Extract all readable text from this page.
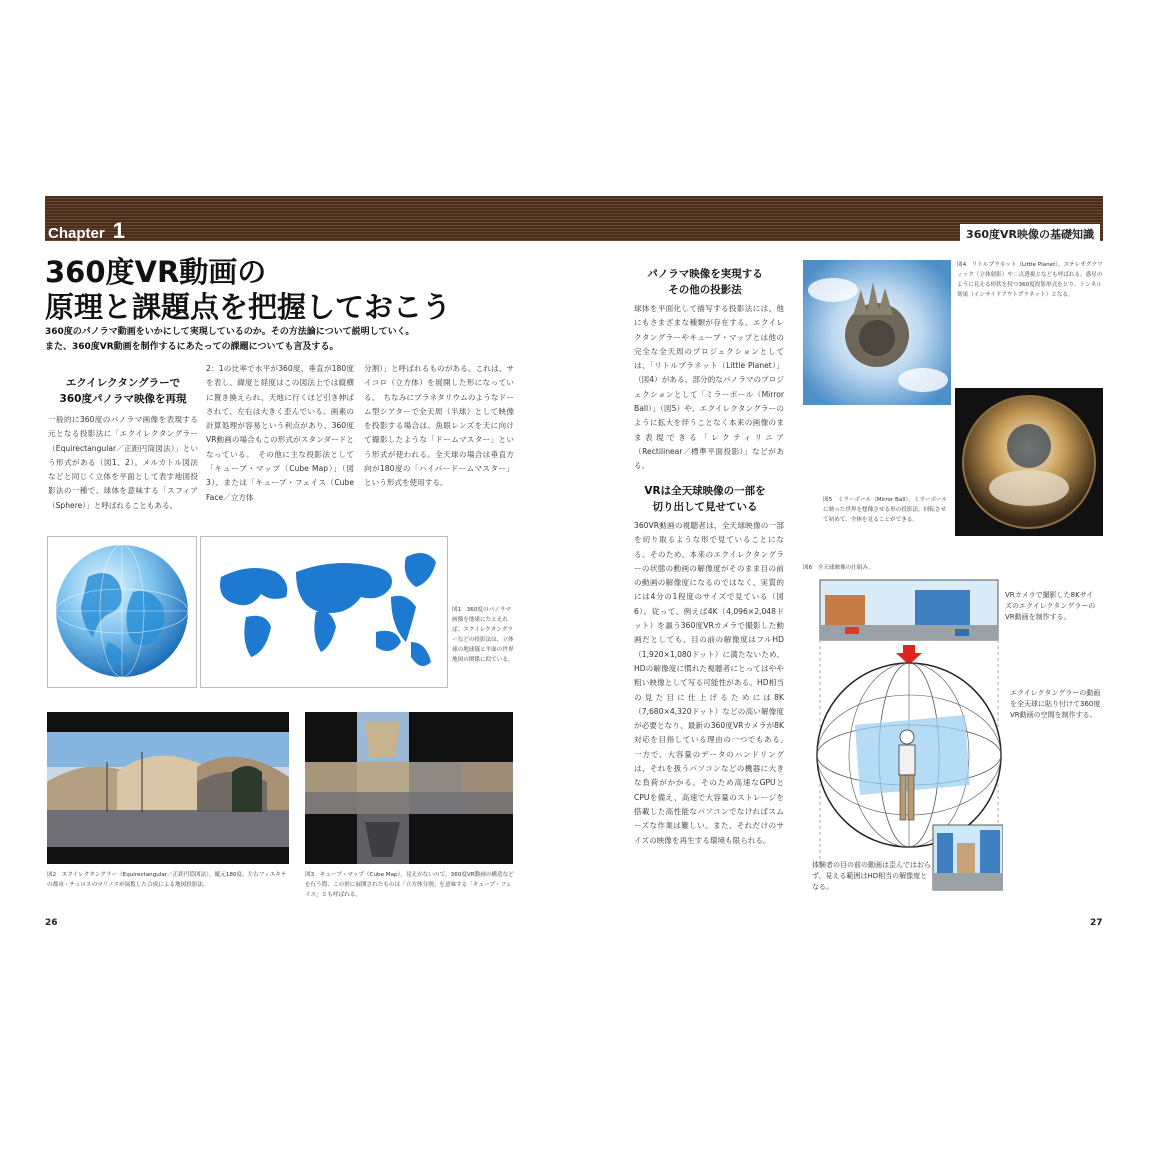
Chapter 1	360度VR映像の基礎知識
360度VR動画の
原理と課題点を把握しておこう
360度のパノラマ動画をいかにして実現しているのか。その方法論について説明していく。
また、360度VR動画を制作するにあたっての課題についても言及する。
エクイレクタングラーで
360度パノラマ映像を再現
一般的に360度のパノラマ画像を表現する元となる投影法に「エクイレクタングラー（Equirectangular／正距円筒図法）」という形式がある（図1、2）。メルカトル図法などと同じく立体を平面として表す地図投影法の一種で、球体を意味する「スフィア（Sphere）」と呼ばれることもある。
2：1の比率で水平が360度、垂直が180度を表し、緯度と経度はこの図法上では縦横に置き換えられ、天地に行くほど引き伸ばされて、左右は大きく歪んでいる。画素の計算処理が容易という利点があり、360度VR動画の場合もこの形式がスタンダードとなっている。　その他に主な投影法として「キューブ・マップ（Cube Map）」（図3）、または「キューブ・フェイス（Cube Face／立方体
分割）」と呼ばれるものがある。これは、サイコロ（立方体）を展開した形になっている。　ちなみにプラネタリウムのようなドーム型シアターで全天周（半球）として映像を投影する場合は、魚眼レンズを天に向けて撮影したような「ドームマスター」という形式が使われる。全天球の場合は垂直方向が180度の「ハイパードームマスター」という形式を使用する。
図1　360度のパノラマ画像を地球にたとえれば、エクイレクタングラーなどの投影法は、立体球の地球儀と平面の世界地図の関係に似ている。
図2　エクイレクタングラー（Equirectangular／正距円筒図法）。縦元180度、左右フィエキテの都市・チュロスのマリノスが展覧した合成による地図投影法。
図3　キューブ・マップ（Cube Map）。見えがないので、360度VR動画の構造などを行う際、この形に展開されたものは「立方体分割」を意味する「キューブ・フェイス」とも呼ばれる。
26
パノラマ映像を実現する
その他の投影法
球体を平面化して描写する投影法には、他にもさまざまな種類が存在する。エクイレクタングラーやキューブ・マップとは他の完全な全天周のプロジェクションとしては、「リトルプラネット（Little Planet）」（図4）がある。部分的なパノラマのプロジェクションとして「ミラーボール（Mirror Ball）」（図5）や、エクイレクタングラーのように拡大を伴うことなく本来の画像のまま表現できる「レクティリニア（Rectilinear／標準平面投影）」などがある。
VRは全天球映像の一部を
切り出して見せている
360VR動画の視聴者は、全天球映像の一部を切り取るような形で見ていることになる。そのため、本来のエクイレクタングラーの状態の動画の解像度がそのまま目の前の動画の解像度になるのではなく、実質的には4分の1程度のサイズで見ている（図6）。従って、例えば4K（4,096×2,048ドット）を謳う360度VRカメラで撮影した動画だとしても、目の前の解像度はフルHD（1,920×1,080ドット）に満たないため、HDの解像度に慣れた視聴者にとってはやや粗い映像として写る可能性がある。HD相当の見た目に仕上げるためには8K（7,680×4,320ドット）などの高い解像度が必要となり、最新の360度VRカメラが8K対応を目指している理由の一つでもある。　一方で、大容量のデータのハンドリングは、それを扱うパソコンなどの機器に大きな負荷がかかる。そのため高速なGPUとCPUを備え、高速で大容量のストレージを搭載した高性能なパソコンでなければスムーズな作業は難しい。また、それだけのサイズの映像を再生する環境も限られる。
図4　リトルプラネット（Little Planet）。ステレオグラフィック（立体射影）や二点透視となども呼ばれる。惑星のように見える形状を持つ360度投影形式をとり、トンネル効果（インサイドアウトプラネット）となる。
図5　ミラーボール（Mirror Ball）。ミラーボールに映った世界を想像させる形の投影法。回転させて初めて、全体を見ることができる。
図6　全天球映像の仕組み。
VRカメラで撮影した8KサイズのエクイレクタングラーのVR動画を制作する。
エクイレクタングラーの動画を全天球に貼り付けて360度VR動画の空間を制作する。
体験者の目の前の動画は歪んではおらず、見える範囲はHD相当の解像度となる。
27
